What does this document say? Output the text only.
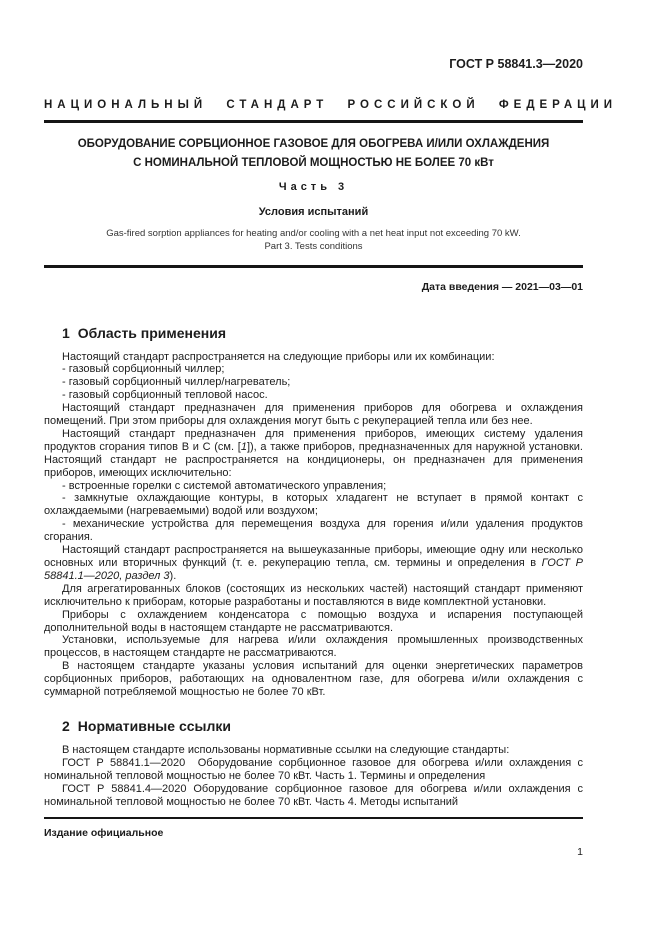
ГОСТ Р 58841.3—2020
НАЦИОНАЛЬНЫЙ СТАНДАРТ РОССИЙСКОЙ ФЕДЕРАЦИИ
ОБОРУДОВАНИЕ СОРБЦИОННОЕ ГАЗОВОЕ ДЛЯ ОБОГРЕВА И/ИЛИ ОХЛАЖДЕНИЯ
С НОМИНАЛЬНОЙ ТЕПЛОВОЙ МОЩНОСТЬЮ НЕ БОЛЕЕ 70 кВт
Часть 3
Условия испытаний
Gas-fired sorption appliances for heating and/or cooling with a net heat input not exceeding 70 kW.
Part 3. Tests conditions
Дата введения — 2021—03—01
1 Область применения
Настоящий стандарт распространяется на следующие приборы или их комбинации:
- газовый сорбционный чиллер;
- газовый сорбционный чиллер/нагреватель;
- газовый сорбционный тепловой насос.
Настоящий стандарт предназначен для применения приборов для обогрева и охлаждения помещений. При этом приборы для охлаждения могут быть с рекуперацией тепла или без нее.
Настоящий стандарт предназначен для применения приборов, имеющих систему удаления продуктов сгорания типов В и С (см. [1]), а также приборов, предназначенных для наружной установки. Настоящий стандарт не распространяется на кондиционеры, он предназначен для применения приборов, имеющих исключительно:
- встроенные горелки с системой автоматического управления;
- замкнутые охлаждающие контуры, в которых хладагент не вступает в прямой контакт с охлаждаемыми (нагреваемыми) водой или воздухом;
- механические устройства для перемещения воздуха для горения и/или удаления продуктов сгорания.
Настоящий стандарт распространяется на вышеуказанные приборы, имеющие одну или несколько основных или вторичных функций (т. е. рекуперацию тепла, см. термины и определения в ГОСТ Р 58841.1—2020, раздел 3).
Для агрегатированных блоков (состоящих из нескольких частей) настоящий стандарт применяют исключительно к приборам, которые разработаны и поставляются в виде комплектной установки.
Приборы с охлаждением конденсатора с помощью воздуха и испарения поступающей дополнительной воды в настоящем стандарте не рассматриваются.
Установки, используемые для нагрева и/или охлаждения промышленных производственных процессов, в настоящем стандарте не рассматриваются.
В настоящем стандарте указаны условия испытаний для оценки энергетических параметров сорбционных приборов, работающих на одновалентном газе, для обогрева и/или охлаждения с суммарной потребляемой мощностью не более 70 кВт.
2 Нормативные ссылки
В настоящем стандарте использованы нормативные ссылки на следующие стандарты:
ГОСТ Р 58841.1—2020  Оборудование сорбционное газовое для обогрева и/или охлаждения с номинальной тепловой мощностью не более 70 кВт. Часть 1. Термины и определения
ГОСТ Р 58841.4—2020 Оборудование сорбционное газовое для обогрева и/или охлаждения с номинальной тепловой мощностью не более 70 кВт. Часть 4. Методы испытаний
Издание официальное
1
